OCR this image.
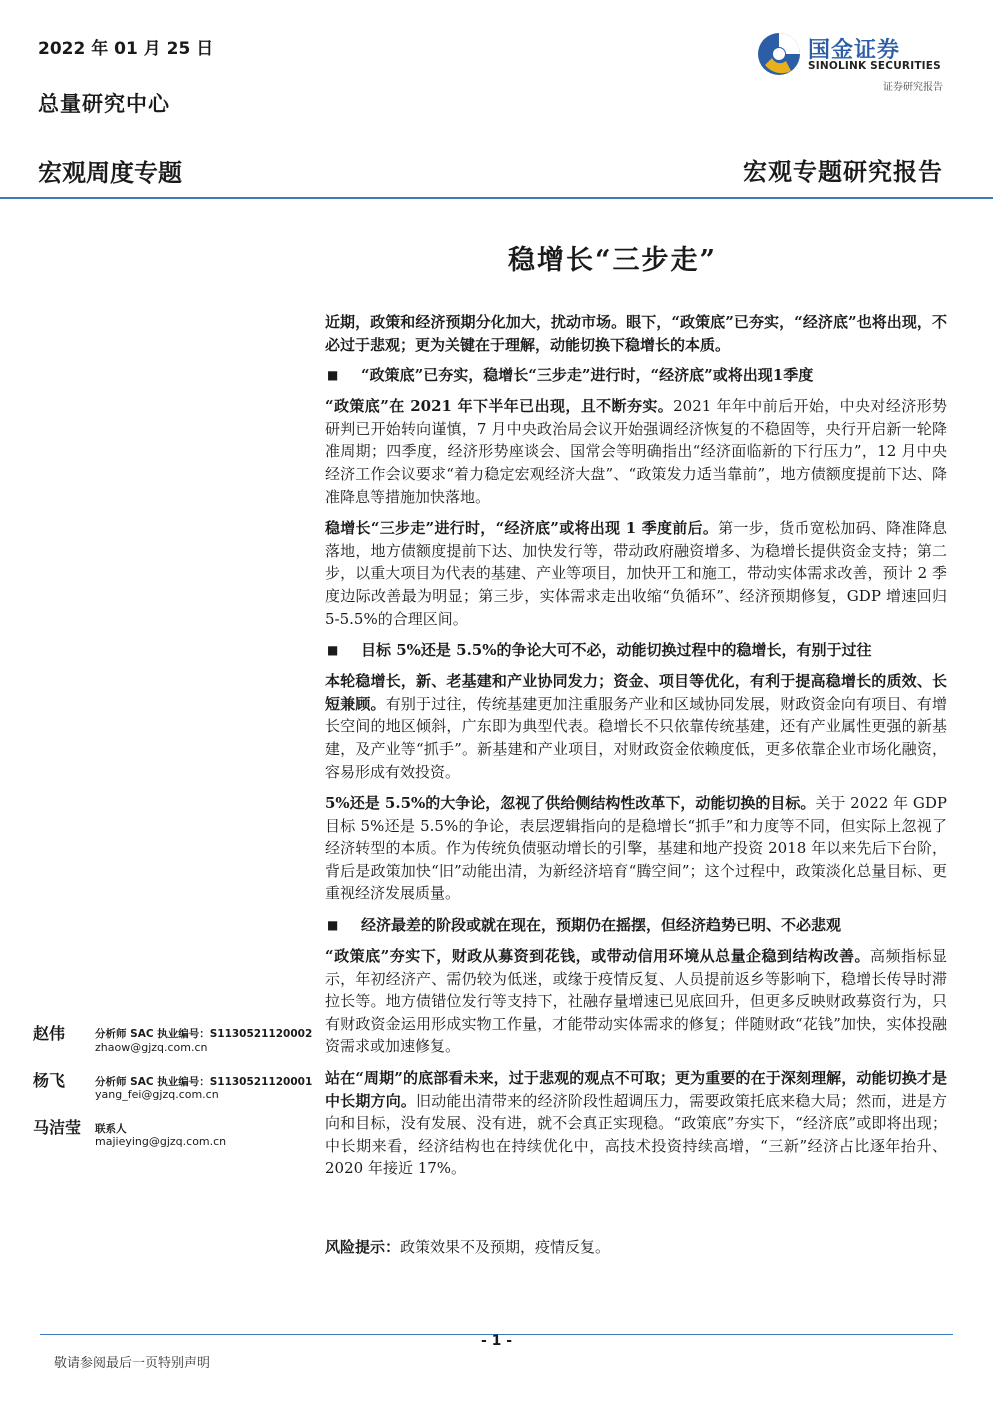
2022 年 01 月 25 日
总量研究中心
宏观周度专题	宏观专题研究报告
国金证券
SINOLINK SECURITIES
证券研究报告
稳增长“三步走”
近期，政策和经济预期分化加大，扰动市场。眼下，“政策底”已夯实，“经济底”也将出现，不必过于悲观；更为关键在于理解，动能切换下稳增长的本质。
■	“政策底”已夯实，稳增长“三步走”进行时，“经济底”或将出现1季度
“政策底”在 2021 年下半年已出现，且不断夯实。2021 年年中前后开始，中央对经济形势研判已开始转向谨慎，7 月中央政治局会议开始强调经济恢复的不稳固等，央行开启新一轮降准周期；四季度，经济形势座谈会、国常会等明确指出“经济面临新的下行压力”，12 月中央经济工作会议要求“着力稳定宏观经济大盘”、“政策发力适当靠前”，地方债额度提前下达、降准降息等措施加快落地。
稳增长“三步走”进行时，“经济底”或将出现 1 季度前后。第一步，货币宽松加码、降准降息落地，地方债额度提前下达、加快发行等，带动政府融资增多、为稳增长提供资金支持；第二步，以重大项目为代表的基建、产业等项目，加快开工和施工，带动实体需求改善，预计 2 季度边际改善最为明显；第三步，实体需求走出收缩“负循环”、经济预期修复，GDP 增速回归 5-5.5%的合理区间。
■	目标 5%还是 5.5%的争论大可不必，动能切换过程中的稳增长，有别于过往
本轮稳增长，新、老基建和产业协同发力；资金、项目等优化，有利于提高稳增长的质效、长短兼顾。有别于过往，传统基建更加注重服务产业和区域协同发展，财政资金向有项目、有增长空间的地区倾斜，广东即为典型代表。稳增长不只依靠传统基建，还有产业属性更强的新基建，及产业等“抓手”。新基建和产业项目，对财政资金依赖度低，更多依靠企业市场化融资，容易形成有效投资。
5%还是 5.5%的大争论，忽视了供给侧结构性改革下，动能切换的目标。关于 2022 年 GDP 目标 5%还是 5.5%的争论，表层逻辑指向的是稳增长“抓手”和力度等不同，但实际上忽视了经济转型的本质。作为传统负债驱动增长的引擎，基建和地产投资 2018 年以来先后下台阶，背后是政策加快“旧”动能出清，为新经济培育“腾空间”；这个过程中，政策淡化总量目标、更重视经济发展质量。
■	经济最差的阶段或就在现在，预期仍在摇摆，但经济趋势已明、不必悲观
“政策底”夯实下，财政从募资到花钱，或带动信用环境从总量企稳到结构改善。高频指标显示，年初经济产、需仍较为低迷，或缘于疫情反复、人员提前返乡等影响下，稳增长传导时滞拉长等。地方债错位发行等支持下，社融存量增速已见底回升，但更多反映财政募资行为，只有财政资金运用形成实物工作量，才能带动实体需求的修复；伴随财政“花钱”加快，实体投融资需求或加速修复。
站在“周期”的底部看未来，过于悲观的观点不可取；更为重要的在于深刻理解，动能切换才是中长期方向。旧动能出清带来的经济阶段性超调压力，需要政策托底来稳大局；然而，进是方向和目标，没有发展、没有进，就不会真正实现稳。“政策底”夯实下，“经济底”或即将出现；中长期来看，经济结构也在持续优化中，高技术投资持续高增，“三新”经济占比逐年抬升、2020 年接近 17%。
赵伟	分析师 SAC 执业编号：S1130521120002
zhaow@gjzq.com.cn
杨飞	分析师 SAC 执业编号：S1130521120001
yang_fei@gjzq.com.cn
马洁莹 联系人
majieying@gjzq.com.cn
风险提示：政策效果不及预期，疫情反复。
- 1 -
敬请参阅最后一页特别声明
